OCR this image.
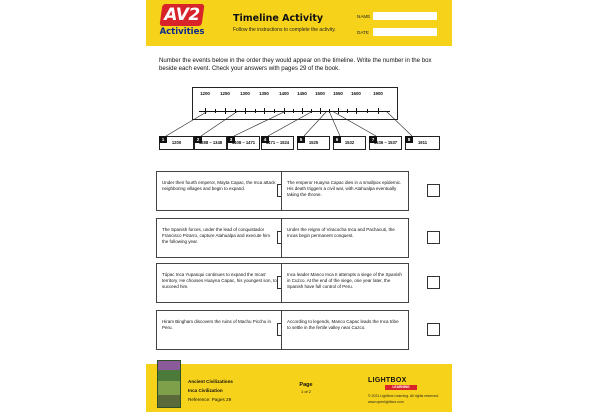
AV2
Activities
Timeline Activity
Follow the instructions to complete the activity.
NAME
DATE
Number the events below in the order they would appear on the timeline. Write the number in the box beside each event. Check your answers with pages 29 of the book.
1200 1250 1300 1350 1400 1450 1500 1550 1600	1900
1
1200
2
1288 – 1348
3
1408 – 1471
4
1471 – 1524
5
1525
6
1532
7
1536 – 1537
8
1911
Under their fourth emperor, Mayta Capac, the Inca attack neighboring villages and begin to expand.
The emperor Huayna Capac dies in a smallpox epidemic. His death triggers a civil war, with Atahualpa eventually taking the throne.
The Spanish forces, under the lead of conquistador Francisco Pizarro, capture Atahualpa and execute him the following year.
Under the reigns of Viracocha Inca and Pachacuti, the Incas begin permanent conquest.
Túpac Inca Yupanqui continues to expand the Incas' territory. He chooses Huayna Capac, his youngest son, to succeed him.
Inca leader Manco Inca II attempts a siege of the Spanish in Cuzco. At the end of the siege, one year later, the Spanish have full control of Peru.
Hiram Bingham discovers the ruins of Machu Picchu in Peru.
According to legends, Manco Capac leads the Inca tribe to settle in the fertile valley near Cuzco.
Ancient Civilizations
Inca Civilization
Reference: Pages 29
Page
1 of 2
LIGHTBOX
LEARNING
© 2021 Lightbox Learning. All rights reserved.
www.openlightbox.com
